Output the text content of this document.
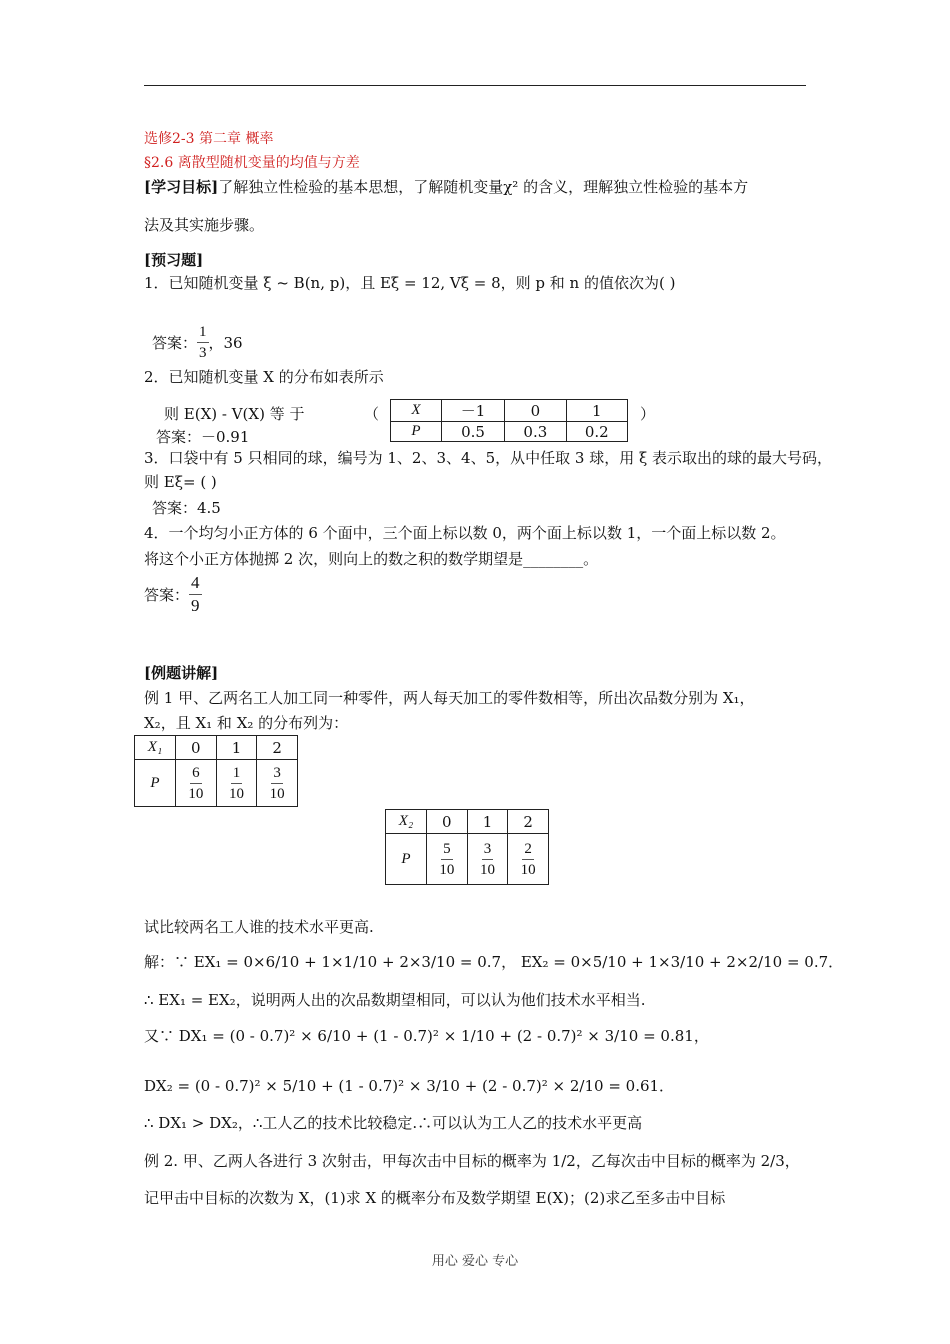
选修2-3 第二章 概率
§2.6 离散型随机变量的均值与方差
[学习目标]了解独立性检验的基本思想，了解随机变量χ² 的含义，理解独立性检验的基本方
法及其实施步骤。
[预习题]
1．已知随机变量 ξ ~ B(n, p)，且 Eξ = 12, Vξ = 8，则 p 和 n 的值依次为( )
答案： $\frac{1}{3}$ ，36
2．已知随机变量 X 的分布如表所示
则 E(X) - V(X) 等 于	（ X	－1	0	1
P	0.5	0.3	0.2
）
答案：－0.91
3．口袋中有 5 只相同的球，编号为 1、2、3、4、5，从中任取 3 球，用 ξ 表示取出的球的最大号码，
则 Eξ= ( )
答案：4.5
4．一个均匀小正方体的 6 个面中，三个面上标以数 0，两个面上标以数 1，一个面上标以数 2。
将这个小正方体抛掷 2 次，则向上的数之积的数学期望是________。
答案： $\frac{4}{9}$
[例题讲解]
例 1 甲、乙两名工人加工同一种零件，两人每天加工的零件数相等，所出次品数分别为 X₁，
X₂，且 X₁ 和 X₂ 的分布列为：
X₁	0	1	2
P	$\frac{6}{10}$	$\frac{1}{10}$	$\frac{3}{10}$
X₂	0	1	2
P	$\frac{5}{10}$	$\frac{3}{10}$	$\frac{2}{10}$
试比较两名工人谁的技术水平更高.
解：∵ EX₁ = 0×6/10 + 1×1/10 + 2×3/10 = 0.7， EX₂ = 0×5/10 + 1×3/10 + 2×2/10 = 0.7．
∴ EX₁ = EX₂，说明两人出的次品数期望相同，可以认为他们技术水平相当.
又∵ DX₁ = (0 - 0.7)² × 6/10 + (1 - 0.7)² × 1/10 + (2 - 0.7)² × 3/10 = 0.81，
DX₂ = (0 - 0.7)² × 5/10 + (1 - 0.7)² × 3/10 + (2 - 0.7)² × 2/10 = 0.61．
∴ DX₁ > DX₂，∴工人乙的技术比较稳定.∴可以认为工人乙的技术水平更高
例 2. 甲、乙两人各进行 3 次射击，甲每次击中目标的概率为 1/2，乙每次击中目标的概率为 2/3，
记甲击中目标的次数为 X，(1)求 X 的概率分布及数学期望 E(X)；(2)求乙至多击中目标
用心 爱心 专心
